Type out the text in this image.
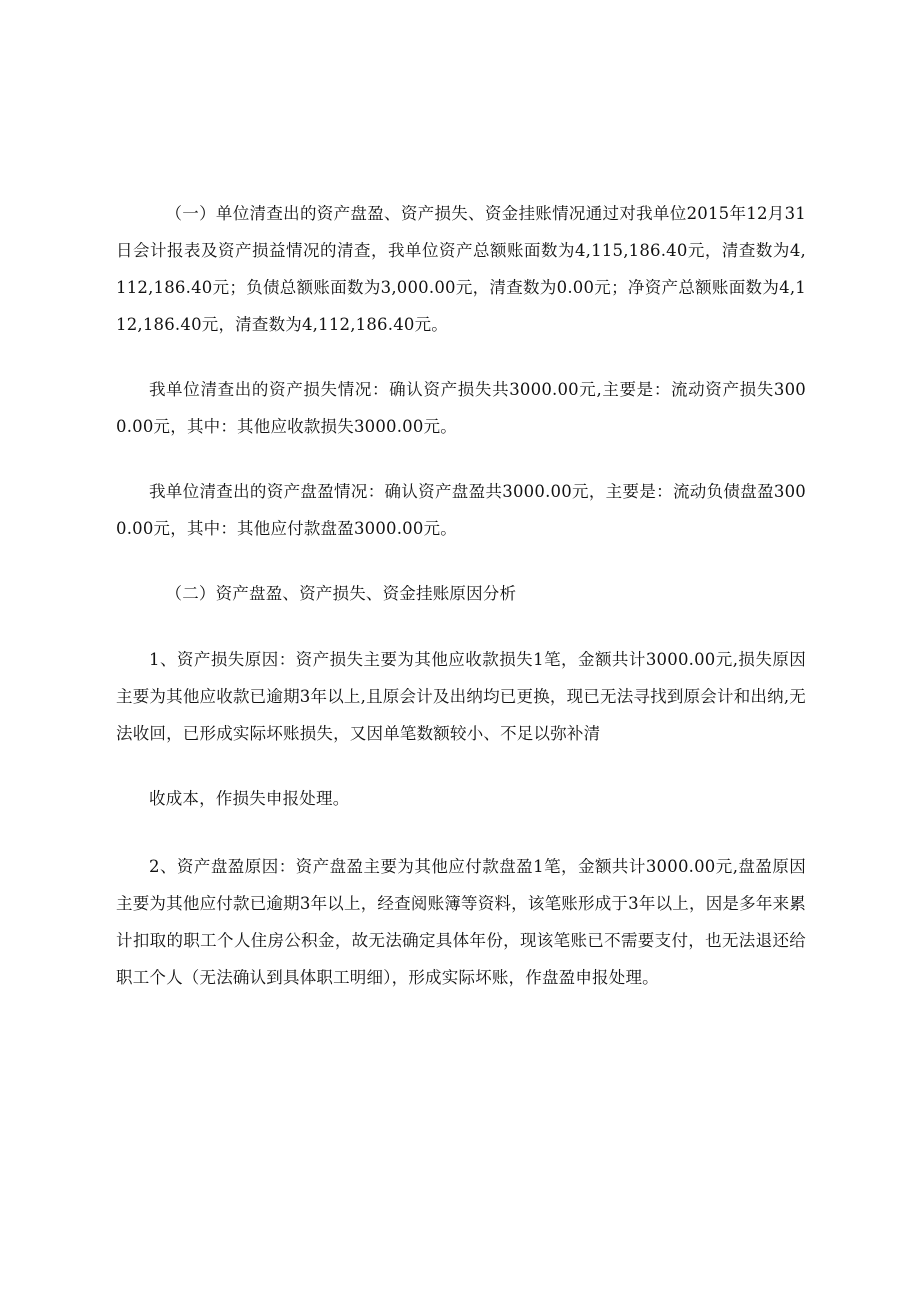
（一）单位清查出的资产盘盈、资产损失、资金挂账情况通过对我单位2015年12月31日会计报表及资产损益情况的清查，我单位资产总额账面数为4,115,186.40元，清查数为4,112,186.40元；负债总额账面数为3,000.00元，清查数为0.00元；净资产总额账面数为4,112,186.40元，清查数为4,112,186.40元。

我单位清查出的资产损失情况：确认资产损失共3000.00元,主要是：流动资产损失3000.00元，其中：其他应收款损失3000.00元。

我单位清查出的资产盘盈情况：确认资产盘盈共3000.00元，主要是：流动负债盘盈3000.00元，其中：其他应付款盘盈3000.00元。

（二）资产盘盈、资产损失、资金挂账原因分析

1、资产损失原因：资产损失主要为其他应收款损失1笔，金额共计3000.00元,损失原因主要为其他应收款已逾期3年以上,且原会计及出纳均已更换，现已无法寻找到原会计和出纳,无法收回，已形成实际坏账损失，又因单笔数额较小、不足以弥补清

收成本，作损失申报处理。

2、资产盘盈原因：资产盘盈主要为其他应付款盘盈1笔，金额共计3000.00元,盘盈原因主要为其他应付款已逾期3年以上，经查阅账簿等资料，该笔账形成于3年以上，因是多年来累计扣取的职工个人住房公积金，故无法确定具体年份，现该笔账已不需要支付，也无法退还给职工个人（无法确认到具体职工明细），形成实际坏账，作盘盈申报处理。
